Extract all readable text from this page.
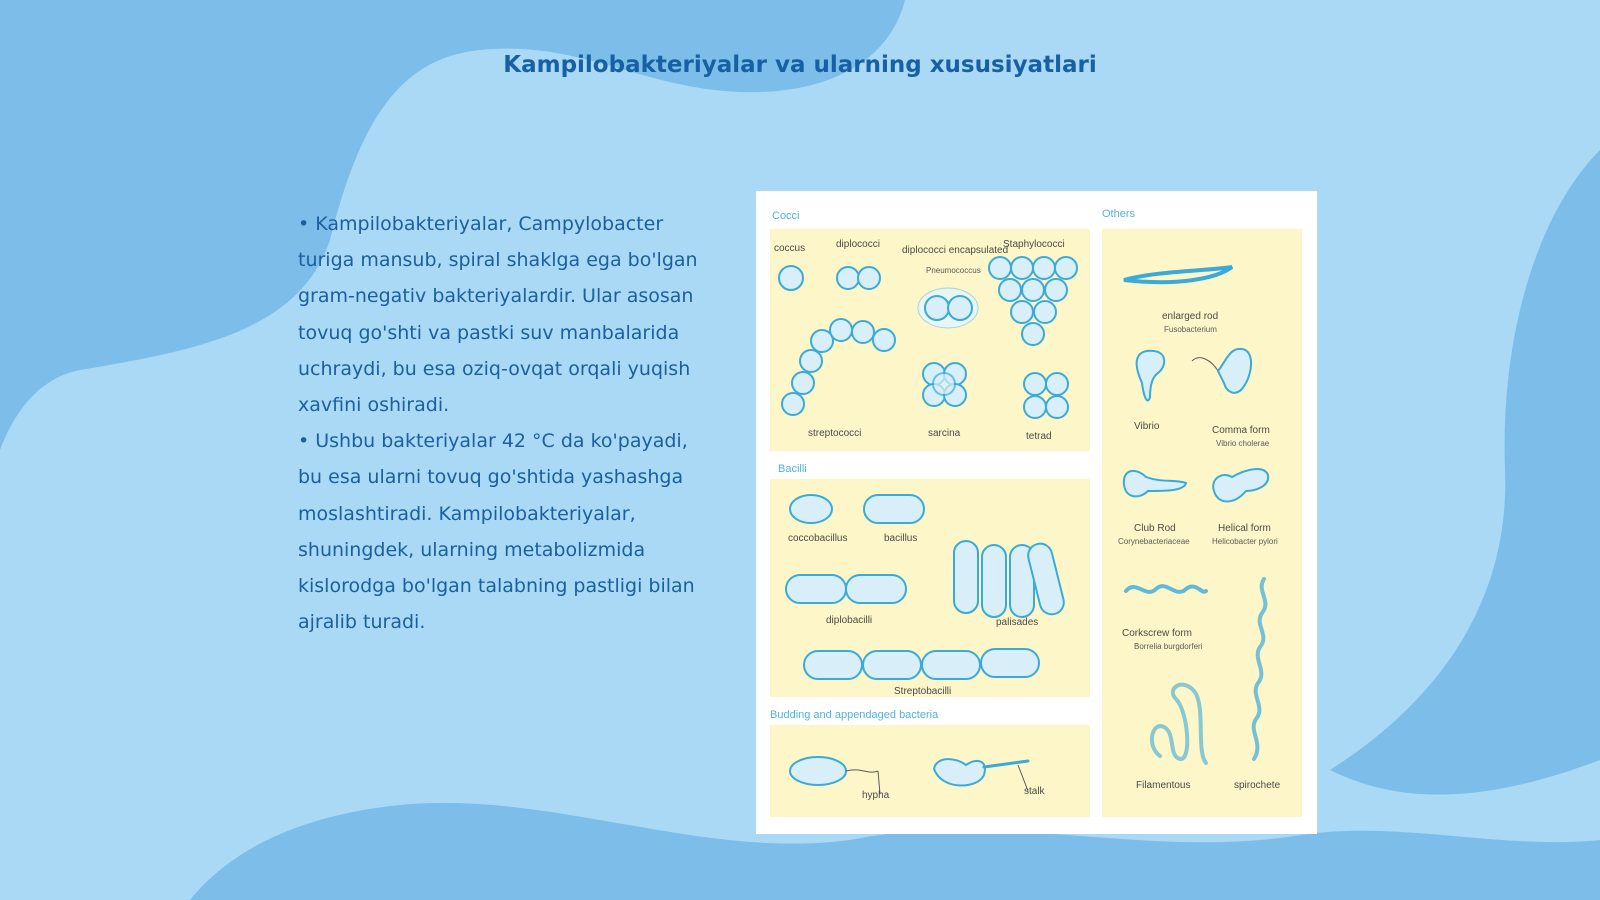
Kampilobakteriyalar va ularning xususiyatlari

• Kampilobakteriyalar, Campylobacter turiga mansub, spiral shaklga ega bo'lgan gram-negativ bakteriyalardir. Ular asosan tovuq go'shti va pastki suv manbalarida uchraydi, bu esa oziq-ovqat orqali yuqish xavfini oshiradi.

• Ushbu bakteriyalar 42 °C da ko'payadi, bu esa ularni tovuq go'shtida yashashga moslashtiradi. Kampilobakteriyalar, shuningdek, ularning metabolizmida kislorodga bo'lgan talabning pastligi bilan ajralib turadi.

Cocci
Bacilli
Budding and appendaged bacteria
Others
coccus	diplococci
diplococci encapsulated
Pneumococcus
Staphylococci
streptococci	sarcina	tetrad
coccobacillus	bacillus
diplobacilli	palisades
Streptobacilli
hypha	stalk
enlarged rod
Fusobacterium
Vibrio	Comma form
Vibrio cholerae
Club Rod
Corynebacteriaceae
Helical form
Helicobacter pylori
Corkscrew form
Borrelia burgdorferi
spirochete
Filamentous
